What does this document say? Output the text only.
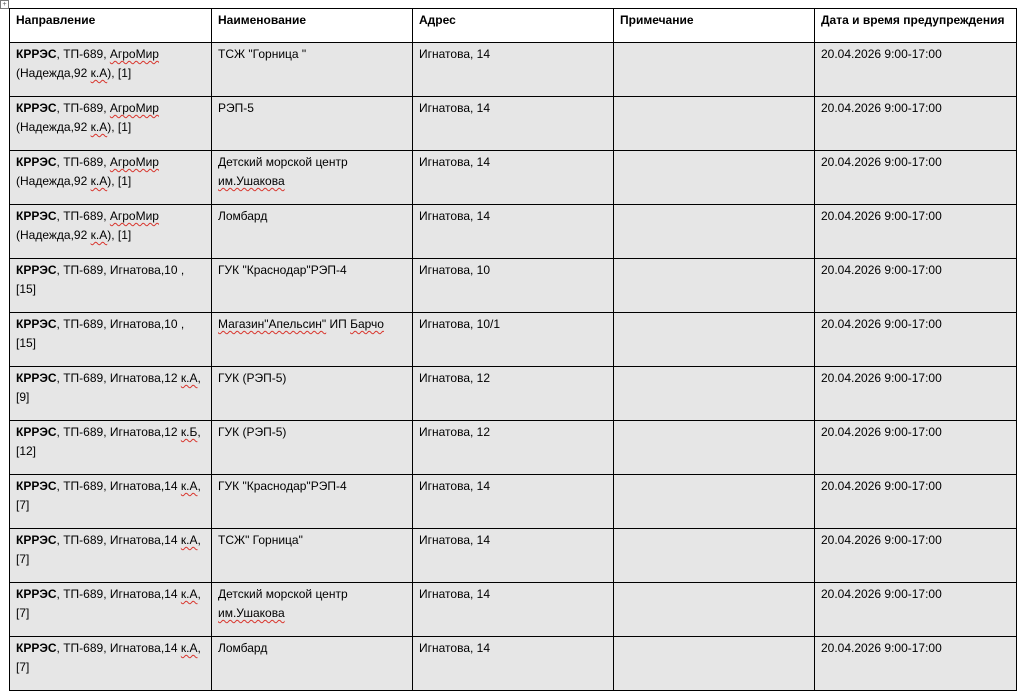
+
Направление	Наименование	Адрес	Примечание	Дата и время предупреждения
КРРЭС, ТП-689, АгроМир (Надежда,92 к.А), [1]	ТСЖ "Горница "	Игнатова, 14		20.04.2026 9:00-17:00
КРРЭС, ТП-689, АгроМир (Надежда,92 к.А), [1]	РЭП-5	Игнатова, 14		20.04.2026 9:00-17:00
КРРЭС, ТП-689, АгроМир (Надежда,92 к.А), [1]	Детский морской центр им.Ушакова	Игнатова, 14		20.04.2026 9:00-17:00
КРРЭС, ТП-689, АгроМир (Надежда,92 к.А), [1]	Ломбард	Игнатова, 14		20.04.2026 9:00-17:00
КРРЭС, ТП-689, Игнатова,10 , [15]	ГУК "Краснодар"РЭП-4	Игнатова, 10		20.04.2026 9:00-17:00
КРРЭС, ТП-689, Игнатова,10 , [15]	Магазин"Апельсин" ИП Барчо	Игнатова, 10/1		20.04.2026 9:00-17:00
КРРЭС, ТП-689, Игнатова,12 к.А, [9]	ГУК (РЭП-5)	Игнатова, 12		20.04.2026 9:00-17:00
КРРЭС, ТП-689, Игнатова,12 к.Б, [12]	ГУК (РЭП-5)	Игнатова, 12		20.04.2026 9:00-17:00
КРРЭС, ТП-689, Игнатова,14 к.А, [7]	ГУК "Краснодар"РЭП-4	Игнатова, 14		20.04.2026 9:00-17:00
КРРЭС, ТП-689, Игнатова,14 к.А, [7]	ТСЖ" Горница"	Игнатова, 14		20.04.2026 9:00-17:00
КРРЭС, ТП-689, Игнатова,14 к.А, [7]	Детский морской центр им.Ушакова	Игнатова, 14		20.04.2026 9:00-17:00
КРРЭС, ТП-689, Игнатова,14 к.А, [7]	Ломбард	Игнатова, 14		20.04.2026 9:00-17:00
